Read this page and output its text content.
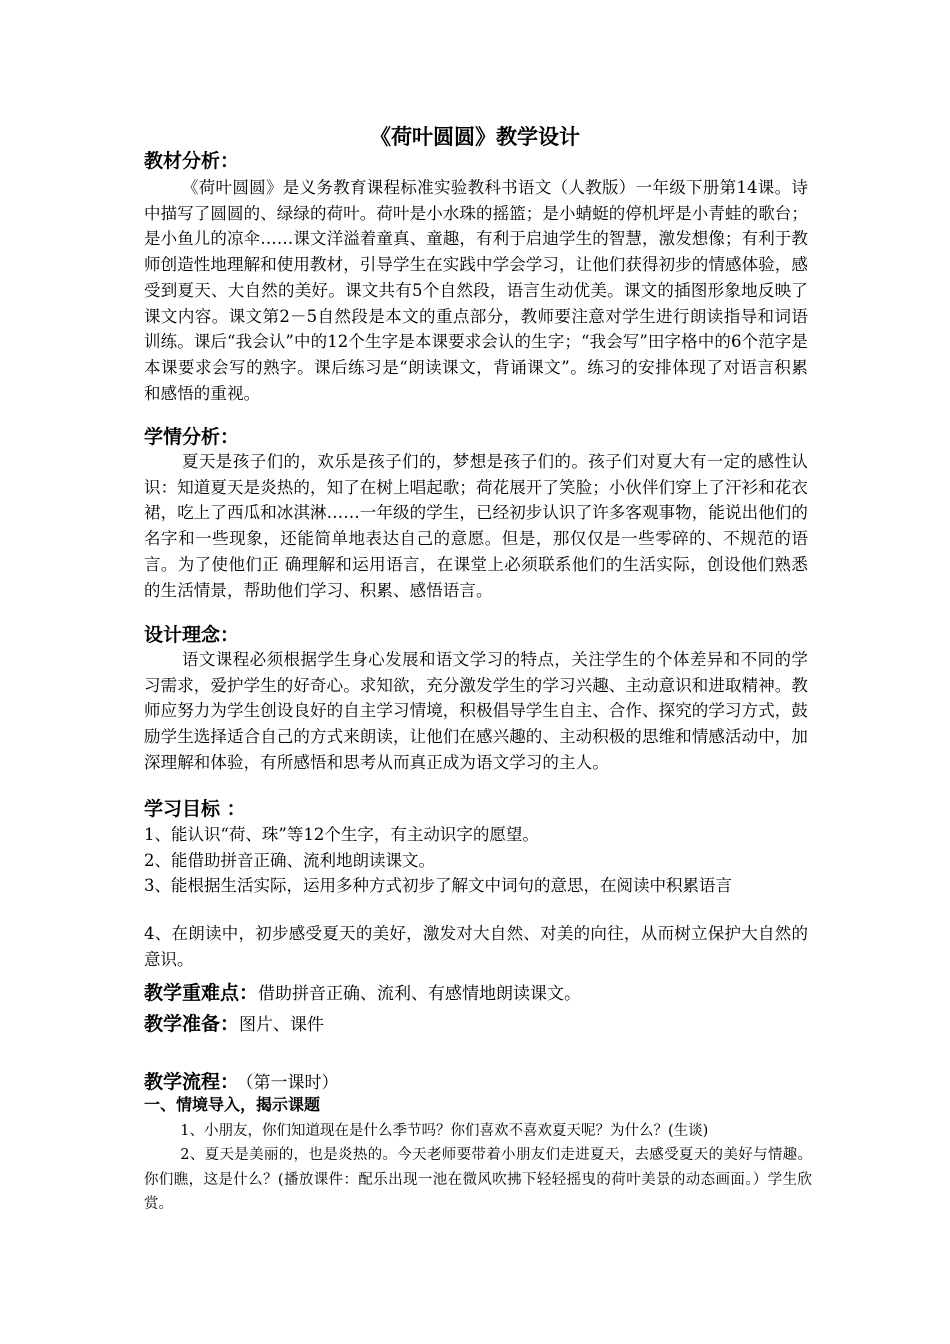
《荷叶圆圆》教学设计
教材分析：

《荷叶圆圆》是义务教育课程标准实验教科书语文（人教版）一年级下册第14课。诗中描写了圆圆的、绿绿的荷叶。荷叶是小水珠的摇篮；是小蜻蜓的停机坪是小青蛙的歌台；是小鱼儿的凉伞……课文洋溢着童真、童趣，有利于启迪学生的智慧，激发想像；有利于教师创造性地理解和使用教材，引导学生在实践中学会学习，让他们获得初步的情感体验，感受到夏天、大自然的美好。课文共有5个自然段，语言生动优美。课文的插图形象地反映了课文内容。课文第2－5自然段是本文的重点部分，教师要注意对学生进行朗读指导和词语训练。课后“我会认”中的12个生字是本课要求会认的生字；“我会写”田字格中的6个范字是本课要求会写的熟字。课后练习是“朗读课文，背诵课文”。练习的安排体现了对语言积累和感悟的重视。

学情分析：

夏天是孩子们的，欢乐是孩子们的，梦想是孩子们的。孩子们对夏大有一定的感性认识：知道夏天是炎热的，知了在树上唱起歌；荷花展开了笑脸；小伙伴们穿上了汗衫和花衣裙，吃上了西瓜和冰淇淋……一年级的学生，已经初步认识了许多客观事物，能说出他们的名字和一些现象，还能简单地表达自己的意愿。但是，那仅仅是一些零碎的、不规范的语言。为了使他们正 确理解和运用语言，在课堂上必须联系他们的生活实际，创设他们熟悉的生活情景，帮助他们学习、积累、感悟语言。

设计理念：

语文课程必须根据学生身心发展和语文学习的特点，关注学生的个体差异和不同的学习需求，爱护学生的好奇心。求知欲，充分激发学生的学习兴趣、主动意识和进取精神。教师应努力为学生创设良好的自主学习情境，积极倡导学生自主、合作、探究的学习方式，鼓励学生选择适合自己的方式来朗读，让他们在感兴趣的、主动积极的思维和情感活动中，加深理解和体验，有所感悟和思考从而真正成为语文学习的主人。

学习目标 ：

1、能认识“荷、珠”等12个生字，有主动识字的愿望。

2、能借助拼音正确、流利地朗读课文。

3、能根据生活实际，运用多种方式初步了解文中词句的意思，在阅读中积累语言

4、在朗读中，初步感受夏天的美好，激发对大自然、对美的向往，从而树立保护大自然的意识。

教学重难点：借助拼音正确、流利、有感情地朗读课文。
教学准备：图片、课件
教学流程： （第一课时）
一、情境导入，揭示课题

1、小朋友，你们知道现在是什么季节吗？你们喜欢不喜欢夏天呢？为什么？(生谈)

2、夏天是美丽的，也是炎热的。今天老师要带着小朋友们走进夏天，去感受夏天的美好与情趣。你们瞧，这是什么？(播放课件：配乐出现一池在微风吹拂下轻轻摇曳的荷叶美景的动态画面。）学生欣赏。
